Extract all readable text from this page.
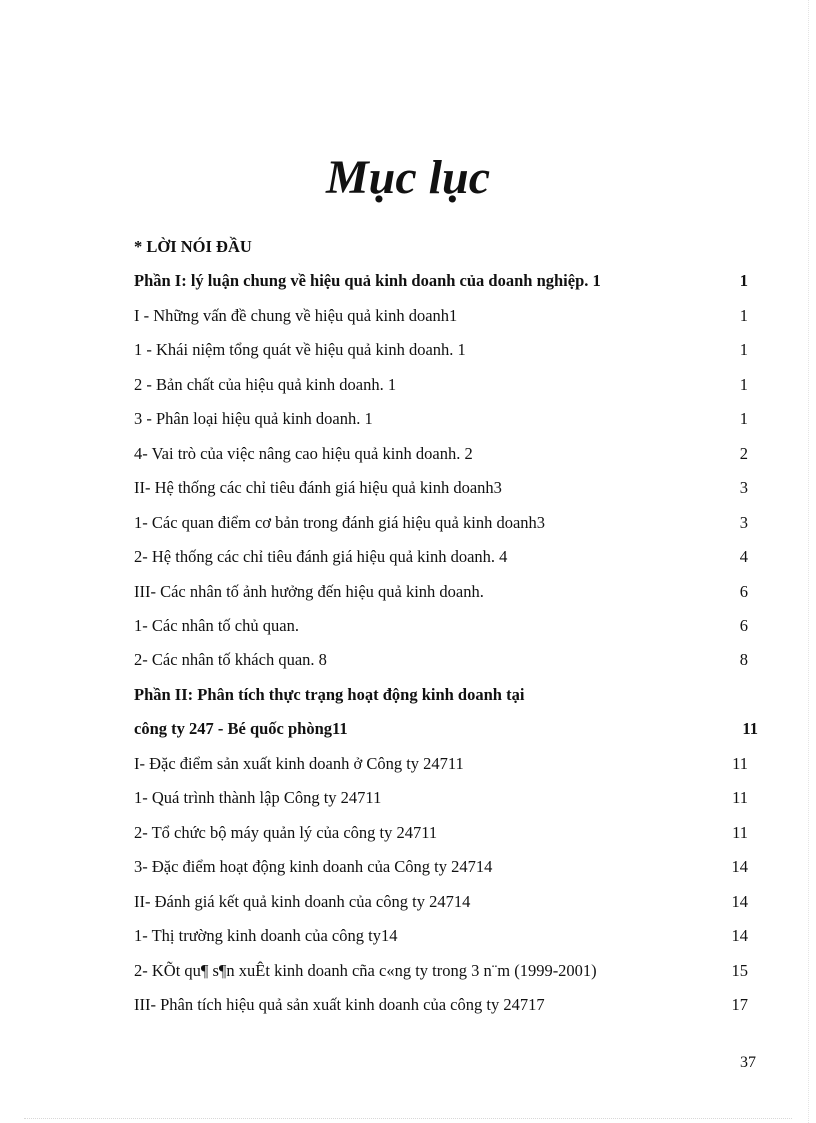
Mục lục
* LỜI NÓI ĐẦU
Phần I: lý luận chung về hiệu quả kinh doanh của doanh nghiệp. 1	1
I - Những vấn đề chung về hiệu quả kinh doanh1	1
1 - Khái niệm tổng quát về hiệu quả kinh doanh. 1	1
2 - Bản chất của hiệu quả kinh doanh. 1	1
3 - Phân loại hiệu quả kinh doanh. 1	1
4- Vai trò của việc nâng cao hiệu quả kinh doanh. 2	2
II- Hệ thống các chỉ tiêu đánh giá hiệu quả kinh doanh3	3
1- Các quan điểm cơ bản trong đánh giá hiệu quả kinh doanh3	3
2- Hệ thống các chỉ tiêu đánh giá hiệu quả kinh doanh. 4	4
III- Các nhân tố ảnh hưởng đến hiệu quả kinh doanh.	6
1- Các nhân tố chủ quan.	6
2- Các nhân tố khách quan. 8	8
Phần II: Phân tích thực trạng hoạt động kinh doanh tại
công ty 247 - Bé quốc phòng11	11
I- Đặc điểm sản xuất kinh doanh ở Công ty 24711	11
1- Quá trình thành lập Công ty 24711	11
2- Tổ chức bộ máy quản lý của công ty 24711	11
3- Đặc điểm hoạt động kinh doanh của Công ty 24714	14
II- Đánh giá kết quả kinh doanh của công ty 24714	14
1- Thị trường kinh doanh của công ty14	14
2- KÕt qu¶ s¶n xuÊt kinh doanh cña c«ng ty trong 3 n¨m (1999-2001)	15
III- Phân tích hiệu quả sản xuất kinh doanh của công ty 24717	17
37
